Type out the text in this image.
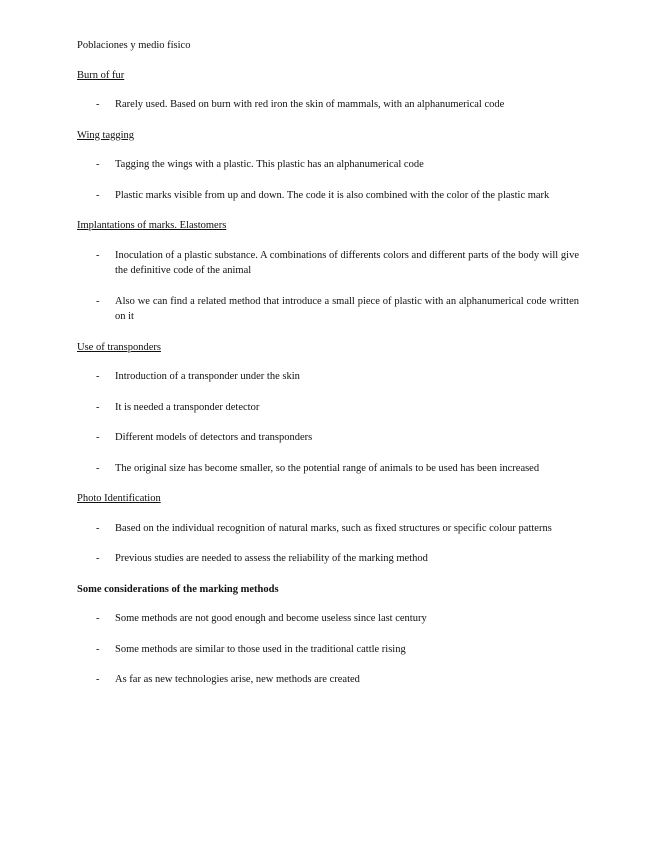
Poblaciones y medio físico

Burn of fur

- Rarely used. Based on burn with red iron the skin of mammals, with an alphanumerical code

Wing tagging

- Tagging the wings with a plastic. This plastic has an alphanumerical code

- Plastic marks visible from up and down. The code it is also combined with the color of the plastic mark

Implantations of marks. Elastomers

- Inoculation of a plastic substance. A combinations of differents colors and different parts of the body will give the definitive code of the animal

- Also we can find a related method that introduce a small piece of plastic with an alphanumerical code written on it

Use of transponders

- Introduction of a transponder under the skin

- It is needed a transponder detector

- Different models of detectors and transponders

- The original size has become smaller, so the potential range of animals to be used has been increased

Photo Identification

- Based on the individual recognition of natural marks, such as fixed structures or specific colour patterns

- Previous studies are needed to assess the reliability of the marking method

Some considerations of the marking methods

- Some methods are not good enough and become useless since last century

- Some methods are similar to those used in the traditional cattle rising

- As far as new technologies arise, new methods are created
